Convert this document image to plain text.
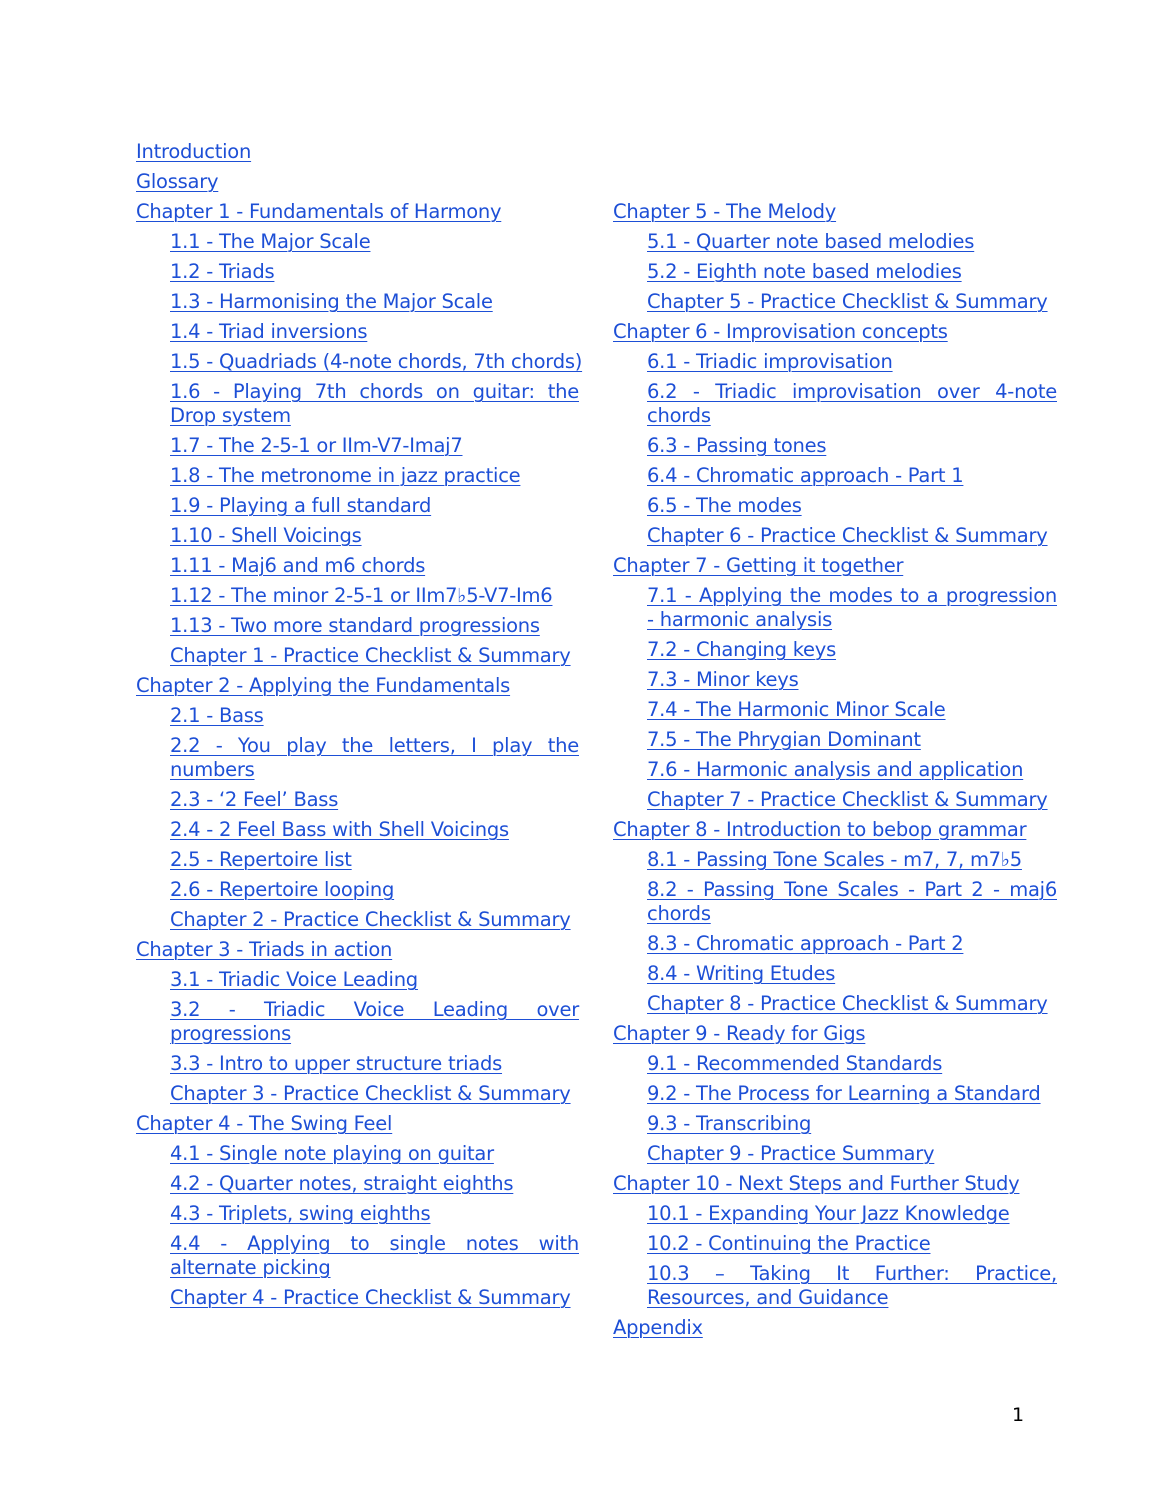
Introduction
Glossary
Chapter 1 - Fundamentals of Harmony
1.1 - The Major Scale
1.2 - Triads
1.3 - Harmonising the Major Scale
1.4 - Triad inversions
1.5 - Quadriads (4-note chords, 7th chords)
1.6 - Playing 7th chords on guitar: the Drop system
1.7 - The 2-5-1 or IIm-V7-Imaj7
1.8 - The metronome in jazz practice
1.9 - Playing a full standard
1.10 - Shell Voicings
1.11 - Maj6 and m6 chords
1.12 - The minor 2-5-1 or IIm7♭5-V7-Im6
1.13 - Two more standard progressions
Chapter 1 - Practice Checklist & Summary
Chapter 2 - Applying the Fundamentals
2.1 - Bass
2.2 - You play the letters, I play the numbers
2.3 - ‘2 Feel’ Bass
2.4 - 2 Feel Bass with Shell Voicings
2.5 - Repertoire list
2.6 - Repertoire looping
Chapter 2 - Practice Checklist & Summary
Chapter 3 - Triads in action
3.1 - Triadic Voice Leading
3.2 - Triadic Voice Leading over progressions
3.3 - Intro to upper structure triads
Chapter 3 - Practice Checklist & Summary
Chapter 4 - The Swing Feel
4.1 - Single note playing on guitar
4.2 - Quarter notes, straight eighths
4.3 - Triplets, swing eighths
4.4 - Applying to single notes with alternate picking
Chapter 4 - Practice Checklist & Summary
Chapter 5 - The Melody
5.1 - Quarter note based melodies
5.2 - Eighth note based melodies
Chapter 5 - Practice Checklist & Summary
Chapter 6 - Improvisation concepts
6.1 - Triadic improvisation
6.2 - Triadic improvisation over 4-note chords
6.3 - Passing tones
6.4 - Chromatic approach - Part 1
6.5 - The modes
Chapter 6 - Practice Checklist & Summary
Chapter 7 - Getting it together
7.1 - Applying the modes to a progression - harmonic analysis
7.2 - Changing keys
7.3 - Minor keys
7.4 - The Harmonic Minor Scale
7.5 - The Phrygian Dominant
7.6 - Harmonic analysis and application
Chapter 7 - Practice Checklist & Summary
Chapter 8 - Introduction to bebop grammar
8.1 - Passing Tone Scales - m7, 7, m7♭5
8.2 - Passing Tone Scales - Part 2 - maj6 chords
8.3 - Chromatic approach - Part 2
8.4 - Writing Etudes
Chapter 8 - Practice Checklist & Summary
Chapter 9 - Ready for Gigs
9.1 - Recommended Standards
9.2 - The Process for Learning a Standard
9.3 - Transcribing
Chapter 9 - Practice Summary
Chapter 10 - Next Steps and Further Study
10.1 - Expanding Your Jazz Knowledge
10.2 - Continuing the Practice
10.3 – Taking It Further: Practice, Resources, and Guidance
Appendix
1
